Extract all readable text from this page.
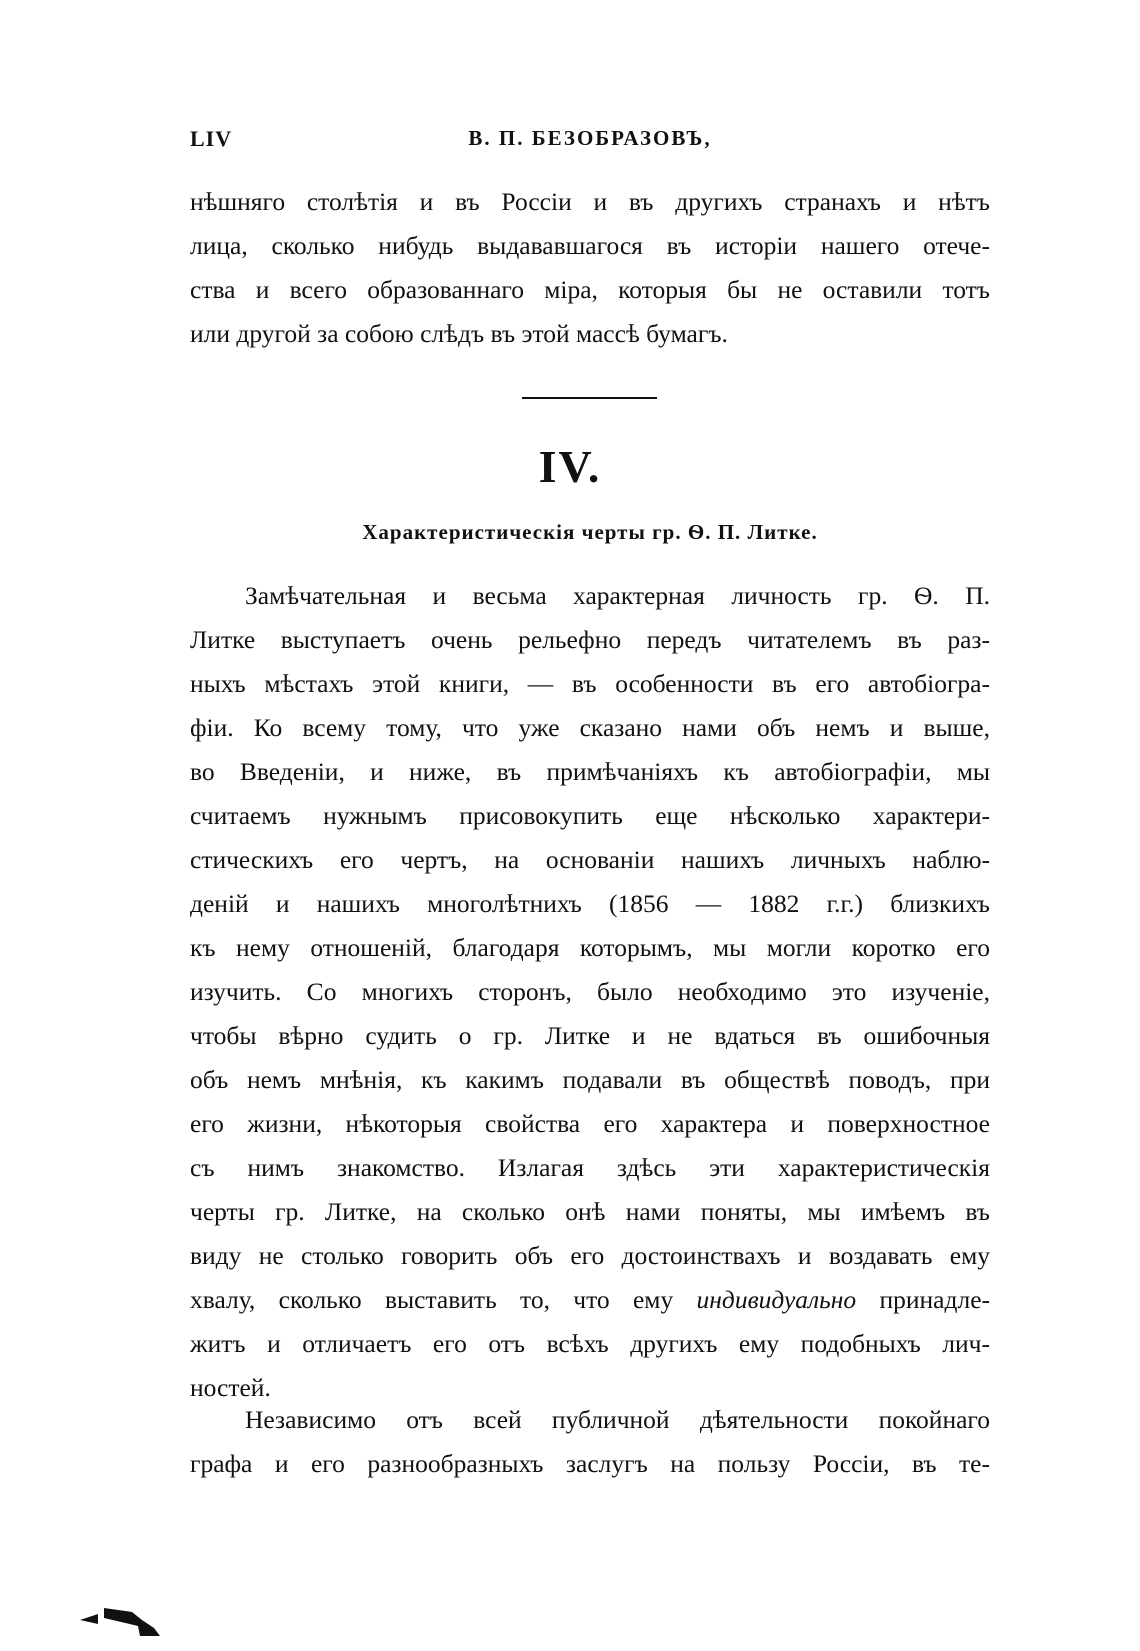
LIV	В. П. БЕЗОБРАЗОВЪ,
нѣшняго столѣтія и въ Россіи и въ другихъ странахъ и нѣтъ
лица, сколько нибудь выдававшагося въ исторіи нашего отече-
ства и всего образованнаго міра, которыя бы не оставили тотъ
или другой за собою слѣдъ въ этой массѣ бумагъ.
IV.
Характеристическія черты гр. Ѳ. П. Литке.
Замѣчательная и весьма характерная личность гр. Ѳ. П.
Литке выступаетъ очень рельефно передъ читателемъ въ раз-
ныхъ мѣстахъ этой книги, — въ особенности въ его автобіогра-
фіи. Ко всему тому, что уже сказано нами объ немъ и выше,
во Введеніи, и ниже, въ примѣчаніяхъ къ автобіографіи, мы
считаемъ нужнымъ присовокупить еще нѣсколько характери-
стическихъ его чертъ, на основаніи нашихъ личныхъ наблю-
деній и нашихъ многолѣтнихъ (1856 — 1882 г.г.) близкихъ
къ нему отношеній, благодаря которымъ, мы могли коротко его
изучить. Со многихъ сторонъ, было необходимо это изученіе,
чтобы вѣрно судить о гр. Литке и не вдаться въ ошибочныя
объ немъ мнѣнія, къ какимъ подавали въ обществѣ поводъ, при
его жизни, нѣкоторыя свойства его характера и поверхностное
съ нимъ знакомство. Излагая здѣсь эти характеристическія
черты гр. Литке, на сколько онѣ нами поняты, мы имѣемъ въ
виду не столько говорить объ его достоинствахъ и воздавать ему
хвалу, сколько выставить то, что ему индивидуально принадле-
житъ и отличаетъ его отъ всѣхъ другихъ ему подобныхъ лич-
ностей.
Независимо отъ всей публичной дѣятельности покойнаго
графа и его разнообразныхъ заслугъ на пользу Россіи, въ те-
